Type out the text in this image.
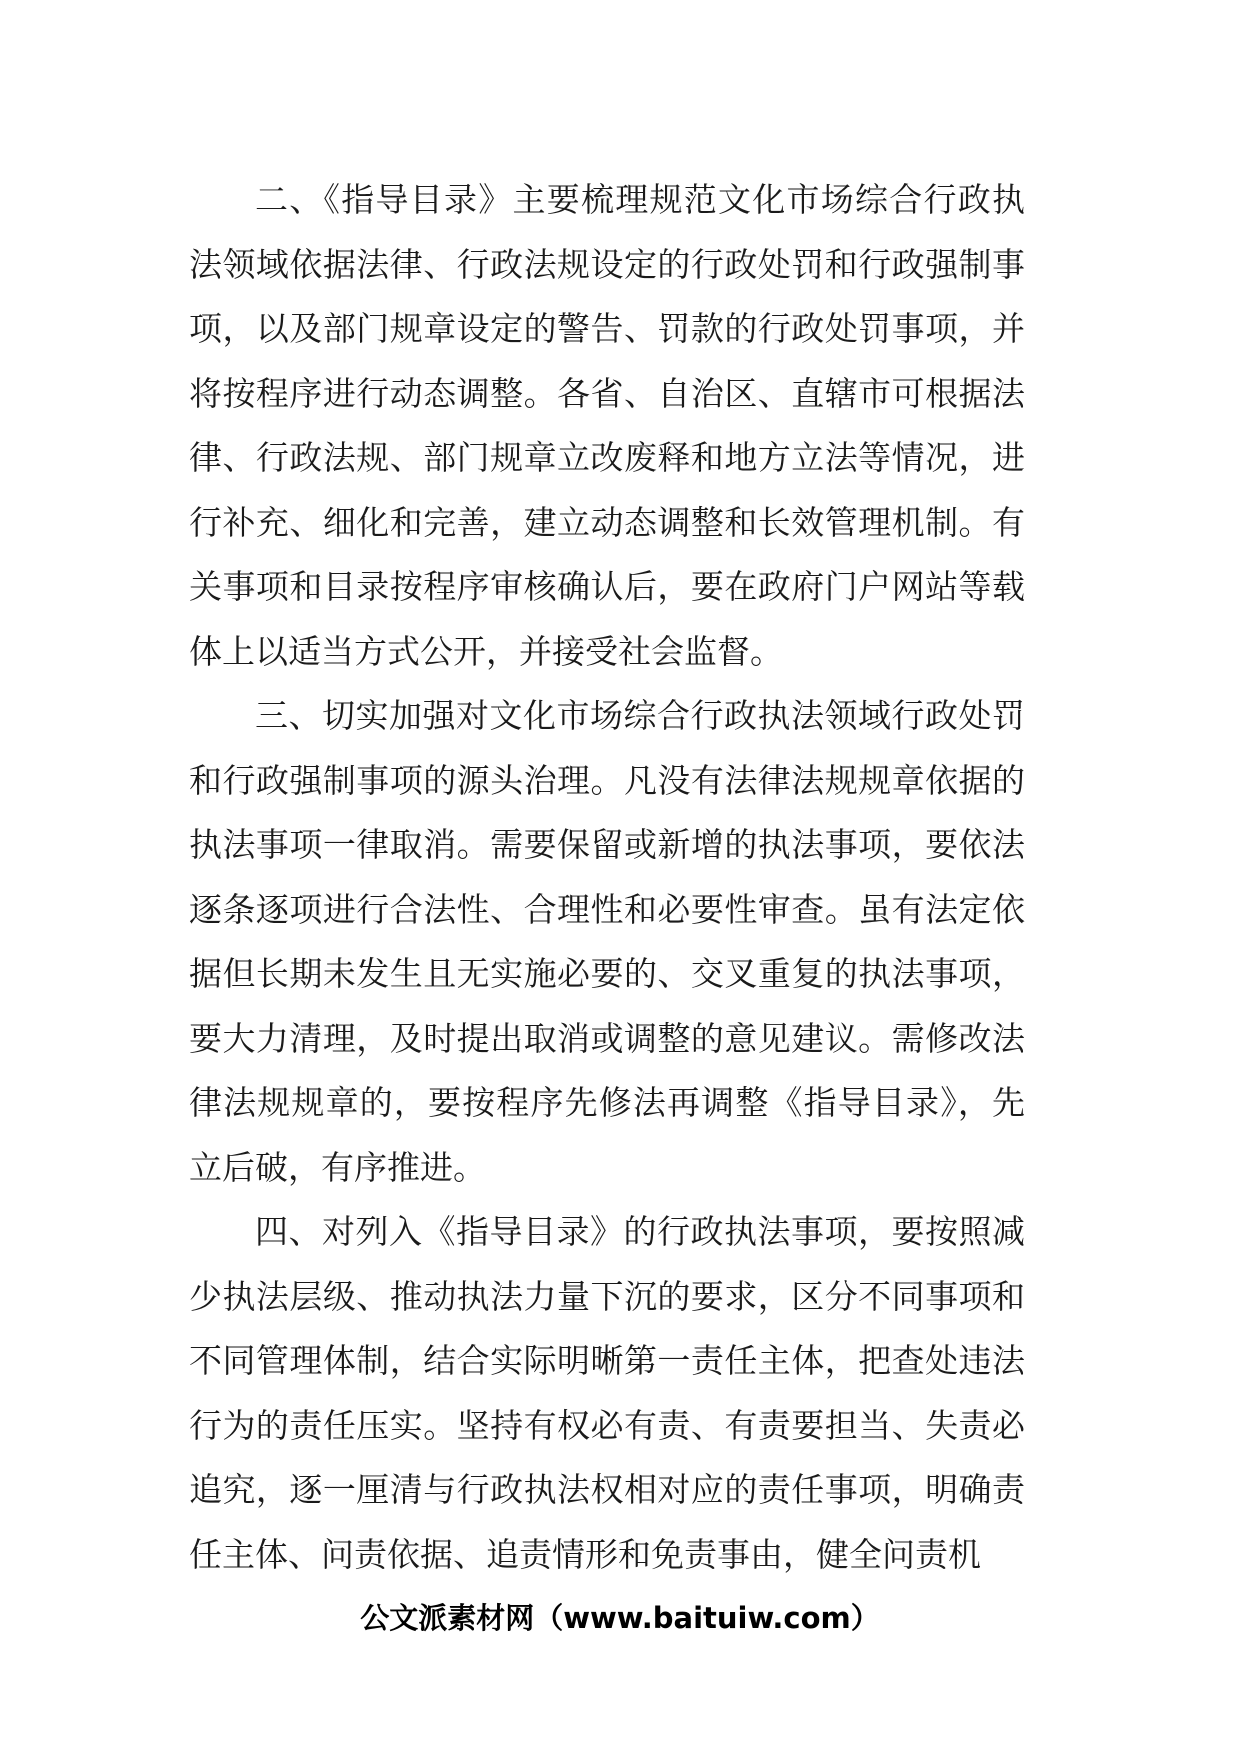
二、《指导目录》主要梳理规范文化市场综合行政执法领域依据法律、行政法规设定的行政处罚和行政强制事项，以及部门规章设定的警告、罚款的行政处罚事项，并将按程序进行动态调整。各省、自治区、直辖市可根据法律、行政法规、部门规章立改废释和地方立法等情况，进行补充、细化和完善，建立动态调整和长效管理机制。有关事项和目录按程序审核确认后，要在政府门户网站等载体上以适当方式公开，并接受社会监督。

三、切实加强对文化市场综合行政执法领域行政处罚和行政强制事项的源头治理。凡没有法律法规规章依据的执法事项一律取消。需要保留或新增的执法事项，要依法逐条逐项进行合法性、合理性和必要性审查。虽有法定依据但长期未发生且无实施必要的、交叉重复的执法事项，要大力清理，及时提出取消或调整的意见建议。需修改法律法规规章的，要按程序先修法再调整《指导目录》，先立后破，有序推进。

四、对列入《指导目录》的行政执法事项，要按照减少执法层级、推动执法力量下沉的要求，区分不同事项和不同管理体制，结合实际明晰第一责任主体，把查处违法行为的责任压实。坚持有权必有责、有责要担当、失责必追究，逐一厘清与行政执法权相对应的责任事项，明确责任主体、问责依据、追责情形和免责事由，健全问责机

公文派素材网（www.baituiw.com）
